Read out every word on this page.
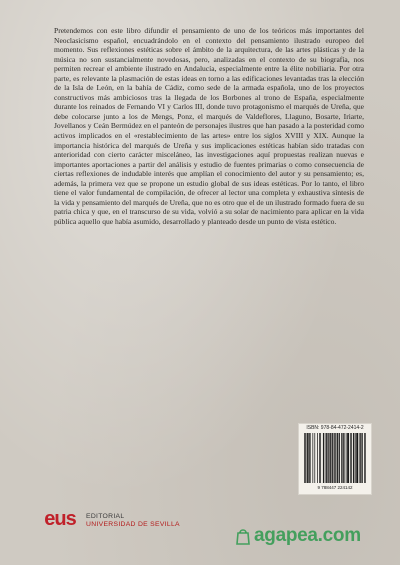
Pretendemos con este libro difundir el pensamiento de uno de los teóricos más importantes del Neoclasicismo español, encuadrándolo en el contexto del pensamiento ilustrado europeo del momento. Sus reflexiones estéticas sobre el ámbito de la arquitectura, de las artes plásticas y de la música no son sustancialmente novedosas, pero, analizadas en el contexto de su biografía, nos permiten recrear el ambiente ilustrado en Andalucía, especialmente entre la élite nobiliaria. Por otra parte, es relevante la plasmación de estas ideas en torno a las edificaciones levantadas tras la elección de la Isla de León, en la bahía de Cádiz, como sede de la armada española, uno de los proyectos constructivos más ambiciosos tras la llegada de los Borbones al trono de España, especialmente durante los reinados de Fernando VI y Carlos III, donde tuvo protagonismo el marqués de Ureña, que debe colocarse junto a los de Mengs, Ponz, el marqués de Valdeflores, Llaguno, Bosarte, Iriarte, Jovellanos y Ceán Bermúdez en el panteón de personajes ilustres que han pasado a la posteridad como activos implicados en el «restablecimiento de las artes» entre los siglos XVIII y XIX. Aunque la importancia histórica del marqués de Ureña y sus implicaciones estéticas habían sido tratadas con anterioridad con cierto carácter misceláneo, las investigaciones aquí propuestas realizan nuevas e importantes aportaciones a partir del análisis y estudio de fuentes primarias o como consecuencia de ciertas reflexiones de indudable interés que amplían el conocimiento del autor y su pensamiento; es, además, la primera vez que se propone un estudio global de sus ideas estéticas. Por lo tanto, el libro tiene el valor fundamental de compilación, de ofrecer al lector una completa y exhaustiva síntesis de la vida y pensamiento del marqués de Ureña, que no es otro que el de un ilustrado formado fuera de su patria chica y que, en el transcurso de su vida, volvió a su solar de nacimiento para aplicar en la vida pública aquello que había asumido, desarrollado y planteado desde un punto de vista estético.

ISBN: 978-84-472-2414-2
9 788447 224142
eus EDITORIAL
UNIVERSIDAD DE SEVILLA
agapea.com
